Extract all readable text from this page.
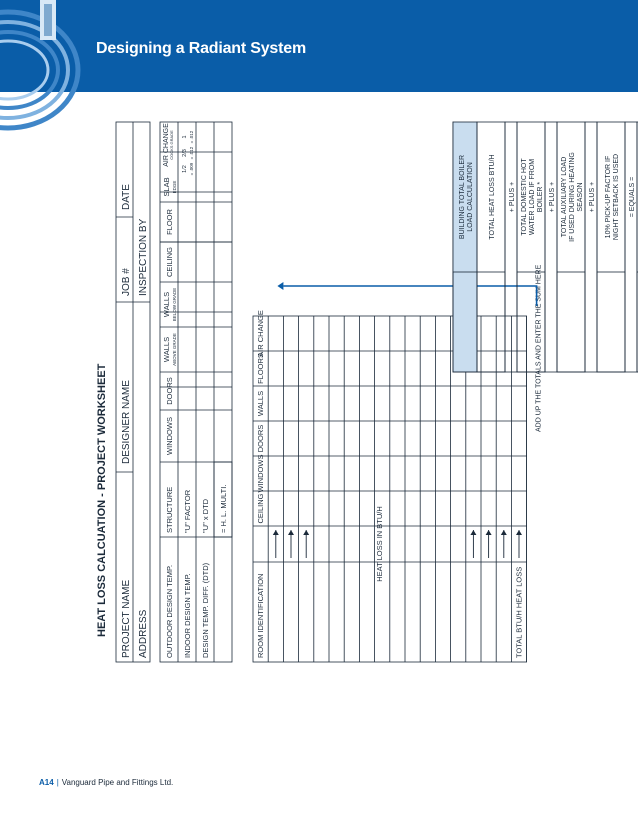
Designing a Radiant System
HEAT LOSS CALCUATION - PROJECT WORKSHEET PROJECT NAME
DESIGNER NAME
JOB #
DATE
ADDRESS
INSPECTION BY
OUTDOOR DESIGN TEMP. INDOOR DESIGN TEMP. DESIGN TEMP. DIFF. (DTD)
STRUCTURE "U" FACTOR "U" x DTD = H. L. MULTI.
WINDOWS
DOORS
WALLS ABOVE GRADE
WALLS BELOW GRADE
CEILING
FLOOR
SLAB EDGE
AIR CHANGE COCKS GRADE
1/2
2/3
1
= .009
= .012
= .012
CEILING
WINDOWS
DOORS
WALLS
FLOORS
AIR CHANGE
ROOM IDENTIFICATION	TOTAL BTU/H HEAT LOSS
HEAT LOSS IN BTU/H
ADD UP THE TOTALS AND ENTER THE SUM HERE
BUILDING TOTAL BOILER LOAD CALCULATION TOTAL HEAT LOSS BTU/H + PLUS + TOTAL DOMESTIC HOT WATER LOAD IF FROM BOILER * + PLUS + TOTAL AUXILIARY LOAD IF USED DURING HEATING SEASON + PLUS + 10% PICK-UP FACTOR IF NIGHT SETBACK IS USED = EQUALS =
A14 | Vanguard Pipe and Fittings Ltd.
